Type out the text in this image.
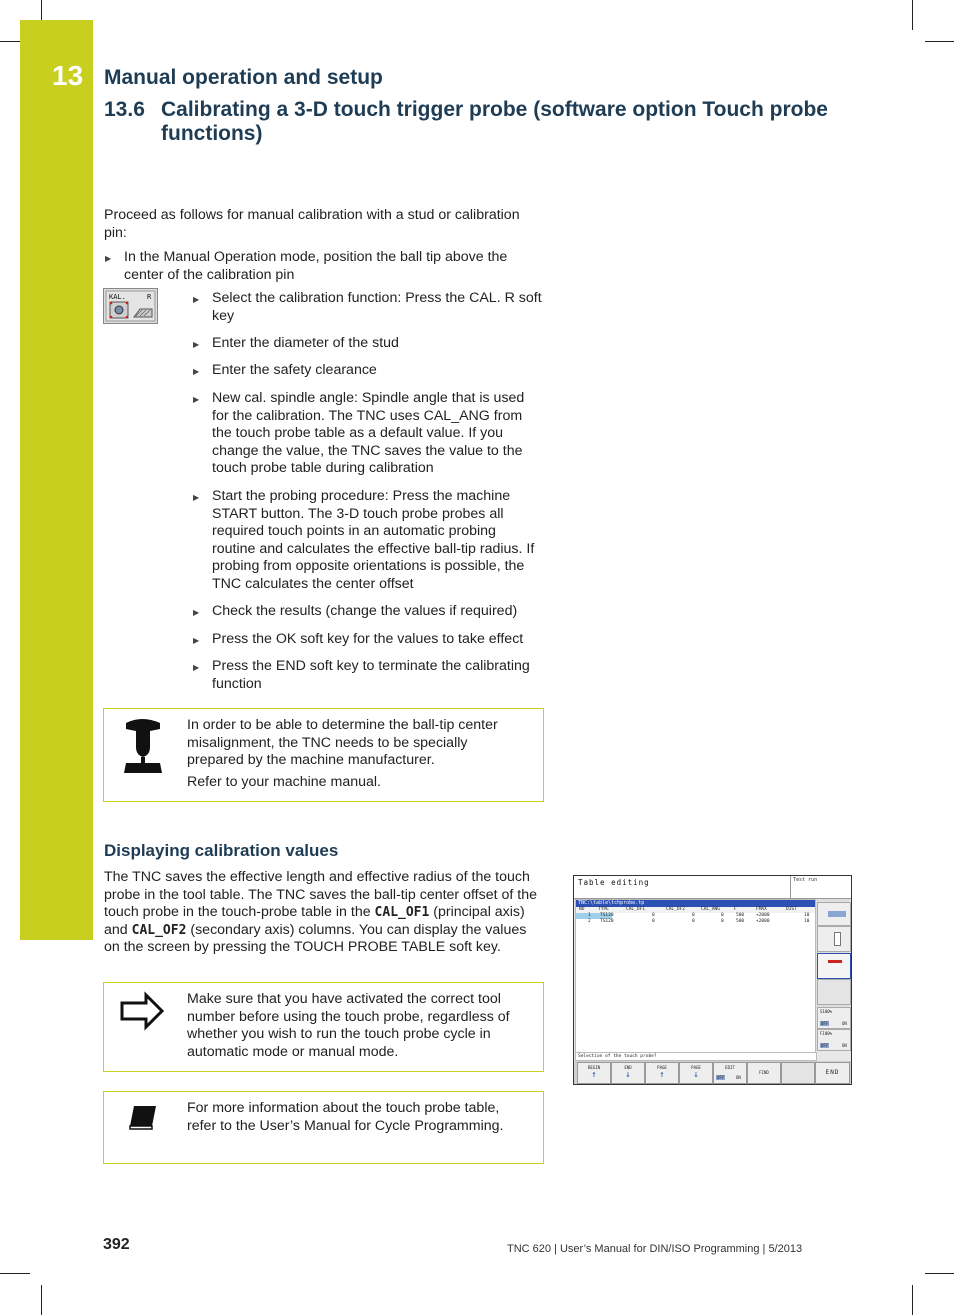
13 Manual operation and setup
13.6 Calibrating a 3-D touch trigger probe (software option Touch probe functions)
Proceed as follows for manual calibration with a stud or calibration pin:
▶ In the Manual Operation mode, position the ball tip above the center of the calibration pin
KAL.	R
▶	Select the calibration function: Press the CAL. R soft key
▶ Enter the diameter of the stud
▶ Enter the safety clearance
▶ New cal. spindle angle: Spindle angle that is used for the calibration. The TNC uses CAL_ANG from the touch probe table as a default value. If you change the value, the TNC saves the value to the touch probe table during calibration
▶ Start the probing procedure: Press the machine START button. The 3-D touch probe probes all required touch points in an automatic probing routine and calculates the effective ball-tip radius. If probing from opposite orientations is possible, the TNC calculates the center offset
▶ Check the results (change the values if required)
▶ Press the OK soft key for the values to take effect
▶ Press the END soft key to terminate the calibrating function
In order to be able to determine the ball-tip center misalignment, the TNC needs to be specially prepared by the machine manufacturer.
Refer to your machine manual.
Displaying calibration values
The TNC saves the effective length and effective radius of the touch probe in the tool table. The TNC saves the ball-tip center offset of the touch probe in the touch-probe table in the CAL_OF1 (principal axis) and CAL_OF2 (secondary axis) columns. You can display the values on the screen by pressing the TOUCH PROBE TABLE soft key.
Make sure that you have activated the correct tool number before using the touch probe, regardless of whether you wish to run the touch probe cycle in automatic mode or manual mode.
For more information about the touch probe table, refer to the User’s Manual for Cycle Programming.
Table editing	Test run
TNC:\table\tchprobe.tp
NO	TYPE	CAL_OF1	CAL_OF2	CAL_ANG	F	FMAX	DIST
1 TS120	0	0	0	500	+2000	10
2 TS120	0	0	0	500	+2000	10
S100%
OFF	ON
F100%
OFF	ON
Selection of the touch probe?
BEGIN
↑
END
↓
PAGE
↑
PAGE
↓
EDIT
OFF	ON
FIND	END
392	TNC 620 | User’s Manual for DIN/ISO Programming | 5/2013
